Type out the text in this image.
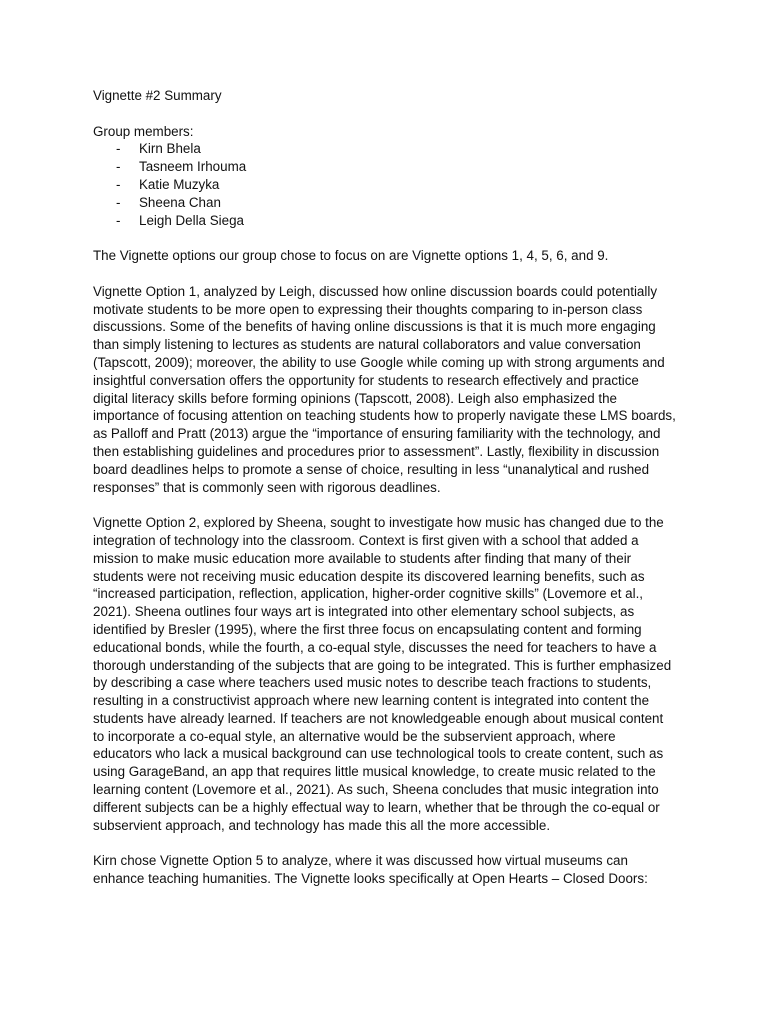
Vignette #2 Summary

Group members:

- Kirn Bhela
- Tasneem Irhouma
- Katie Muzyka
- Sheena Chan
- Leigh Della Siega

The Vignette options our group chose to focus on are Vignette options 1, 4, 5, 6, and 9.

Vignette Option 1, analyzed by Leigh, discussed how online discussion boards could potentially motivate students to be more open to expressing their thoughts comparing to in-person class discussions. Some of the benefits of having online discussions is that it is much more engaging than simply listening to lectures as students are natural collaborators and value conversation (Tapscott, 2009); moreover, the ability to use Google while coming up with strong arguments and insightful conversation offers the opportunity for students to research effectively and practice digital literacy skills before forming opinions (Tapscott, 2008). Leigh also emphasized the importance of focusing attention on teaching students how to properly navigate these LMS boards, as Palloff and Pratt (2013) argue the “importance of ensuring familiarity with the technology, and then establishing guidelines and procedures prior to assessment”. Lastly, flexibility in discussion board deadlines helps to promote a sense of choice, resulting in less “unanalytical and rushed responses” that is commonly seen with rigorous deadlines.

Vignette Option 2, explored by Sheena, sought to investigate how music has changed due to the integration of technology into the classroom. Context is first given with a school that added a mission to make music education more available to students after finding that many of their students were not receiving music education despite its discovered learning benefits, such as “increased participation, reflection, application, higher-order cognitive skills” (Lovemore et al., 2021). Sheena outlines four ways art is integrated into other elementary school subjects, as identified by Bresler (1995), where the first three focus on encapsulating content and forming educational bonds, while the fourth, a co-equal style, discusses the need for teachers to have a thorough understanding of the subjects that are going to be integrated. This is further emphasized by describing a case where teachers used music notes to describe teach fractions to students, resulting in a constructivist approach where new learning content is integrated into content the students have already learned. If teachers are not knowledgeable enough about musical content to incorporate a co-equal style, an alternative would be the subservient approach, where educators who lack a musical background can use technological tools to create content, such as using GarageBand, an app that requires little musical knowledge, to create music related to the learning content (Lovemore et al., 2021). As such, Sheena concludes that music integration into different subjects can be a highly effectual way to learn, whether that be through the co-equal or subservient approach, and technology has made this all the more accessible.

Kirn chose Vignette Option 5 to analyze, where it was discussed how virtual museums can enhance teaching humanities. The Vignette looks specifically at Open Hearts – Closed Doors:
